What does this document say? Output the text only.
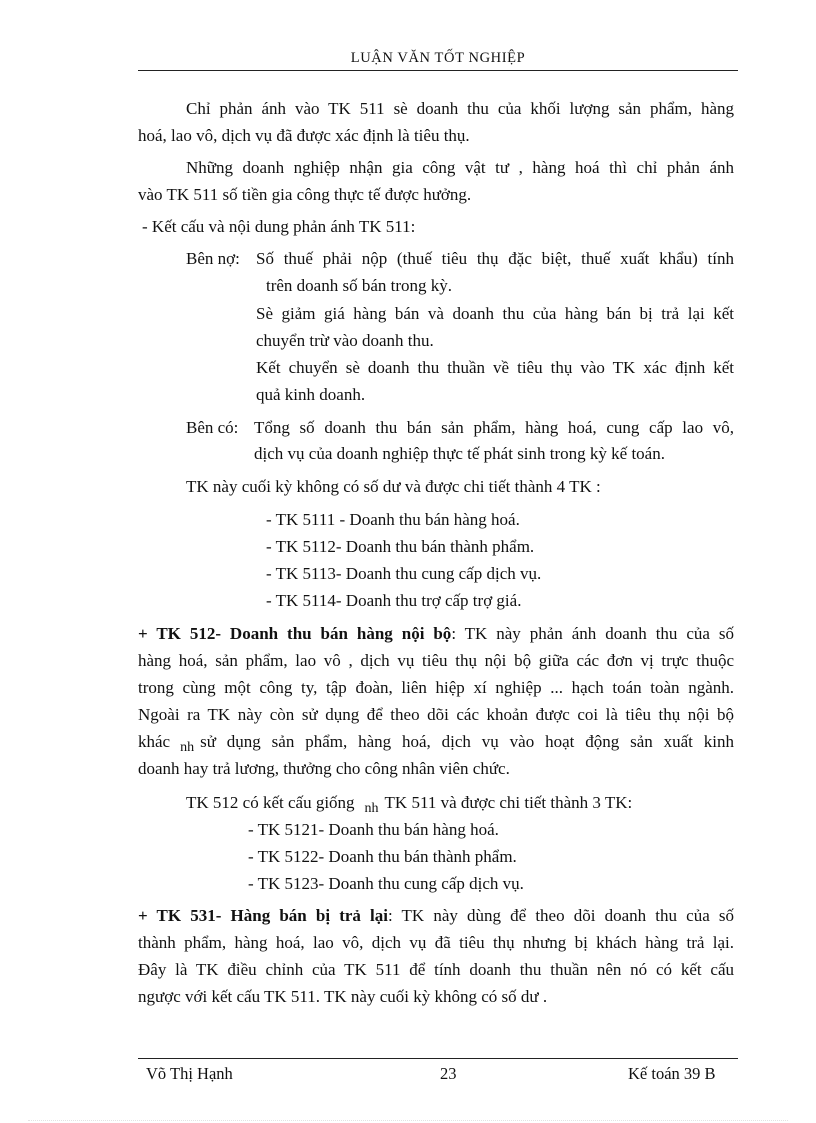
LUẬN VĂN TỐT NGHIỆP
Chỉ phản ánh vào TK 511 sè doanh thu của khối lượng sản phẩm, hàng
hoá, lao vô, dịch vụ đã được xác định là tiêu thụ.
Những doanh nghiệp nhận gia công vật tư , hàng hoá thì chỉ phản ánh
vào TK 511 số tiền gia công thực tế được hưởng.
- Kết cấu và nội dung phản ánh TK 511:
Bên nợ: Số thuế phải nộp (thuế tiêu thụ đặc biệt, thuế xuất khẩu) tính
trên doanh số bán trong kỳ.
Sè giảm giá hàng bán và doanh thu của hàng bán bị trả lại kết
chuyển trừ vào doanh thu.
Kết chuyển sè doanh thu thuần về tiêu thụ vào TK xác định kết
quả kinh doanh.
Bên có: Tổng số doanh thu bán sản phẩm, hàng hoá, cung cấp lao vô,
dịch vụ của doanh nghiệp thực tế phát sinh trong kỳ kế toán.
TK này cuối kỳ không có số dư và được chi tiết thành 4 TK :
- TK 5111 - Doanh thu bán hàng hoá.
- TK 5112- Doanh thu bán thành phẩm.
- TK 5113- Doanh thu cung cấp dịch vụ.
- TK 5114- Doanh thu trợ cấp trợ giá.
+ TK 512- Doanh thu bán hàng nội bộ: TK này phản ánh doanh thu của số
hàng hoá, sản phẩm, lao vô , dịch vụ tiêu thụ nội bộ giữa các đơn vị trực thuộc
trong cùng một công ty, tập đoàn, liên hiệp xí nghiệp ... hạch toán toàn ngành.
Ngoài ra TK này còn sử dụng để theo dõi các khoản được coi là tiêu thụ nội bộ
khác $_{nh}$ sử dụng sản phẩm, hàng hoá, dịch vụ vào hoạt động sản xuất kinh
doanh hay trả lương, thưởng cho công nhân viên chức.
TK 512 có kết cấu giống $_{nh}$ TK 511 và được chi tiết thành 3 TK:
- TK 5121- Doanh thu bán hàng hoá.
- TK 5122- Doanh thu bán thành phẩm.
- TK 5123- Doanh thu cung cấp dịch vụ.
+ TK 531- Hàng bán bị trả lại: TK này dùng để theo dõi doanh thu của số
thành phẩm, hàng hoá, lao vô, dịch vụ đã tiêu thụ nhưng bị khách hàng trả lại.
Đây là TK điều chỉnh của TK 511 để tính doanh thu thuần nên nó có kết cấu
ngược với kết cấu TK 511. TK này cuối kỳ không có số dư .
Võ Thị Hạnh	23	Kế toán 39 B
